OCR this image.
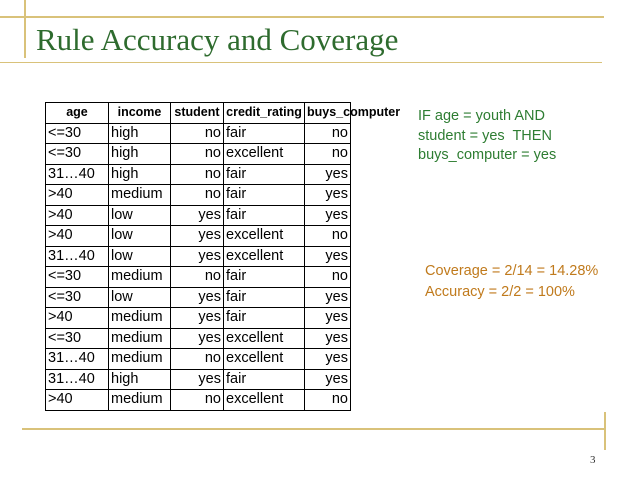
Rule Accuracy and Coverage
age	income	student	credit_rating	buys_computer
<=30	high	no	fair	no
<=30	high	no	excellent	no
31…40	high	no	fair	yes
>40	medium	no	fair	yes
>40	low	yes	fair	yes
>40	low	yes	excellent	no
31…40	low	yes	excellent	yes
<=30	medium	no	fair	no
<=30	low	yes	fair	yes
>40	medium	yes	fair	yes
<=30	medium	yes	excellent	yes
31…40	medium	no	excellent	yes
31…40	high	yes	fair	yes
>40	medium	no	excellent	no
IF age = youth AND
student = yes  THEN
buys_computer = yes
Coverage = 2/14 = 14.28%
Accuracy = 2/2 = 100%
3
